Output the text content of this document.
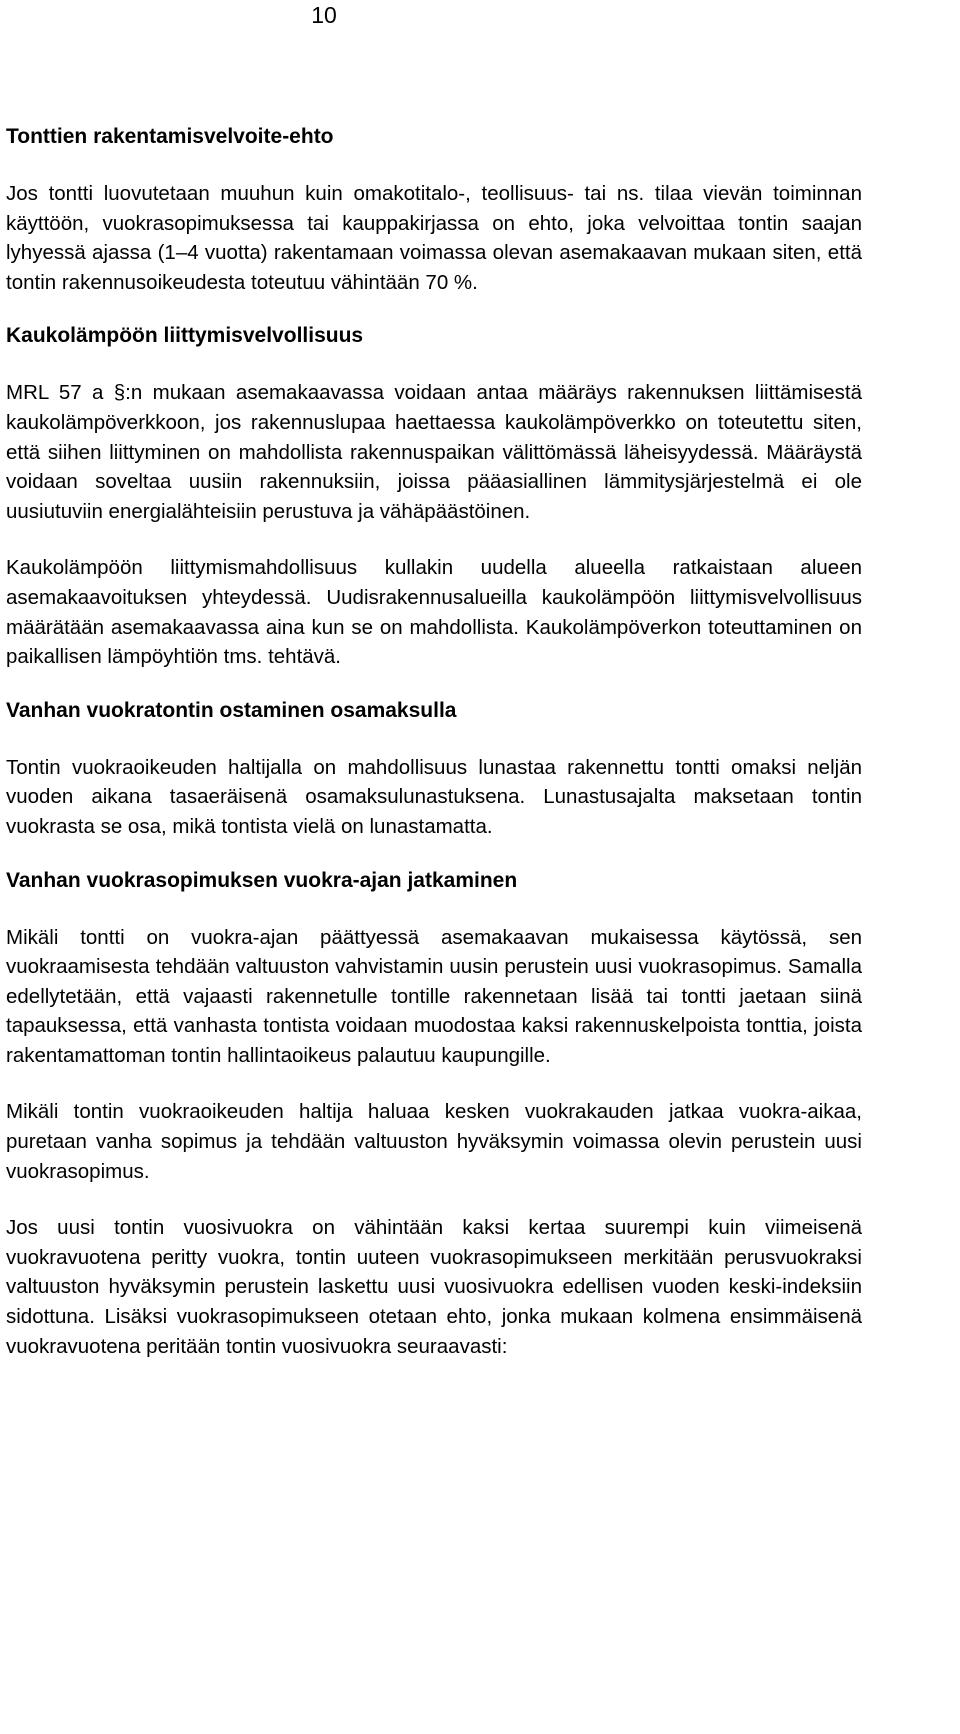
10
Tonttien rakentamisvelvoite-ehto

Jos tontti luovutetaan muuhun kuin omakotitalo-, teollisuus- tai ns. tilaa vievän toiminnan käyttöön, vuokrasopimuksessa tai kauppakirjassa on ehto, joka velvoittaa tontin saajan lyhyessä ajassa (1–4 vuotta) rakentamaan voimassa olevan asemakaavan mukaan siten, että tontin rakennusoikeudesta toteutuu vähintään 70 %.

Kaukolämpöön liittymisvelvollisuus

MRL 57 a §:n mukaan asemakaavassa voidaan antaa määräys rakennuksen liittämisestä kaukolämpöverkkoon, jos rakennuslupaa haettaessa kaukolämpöverkko on toteutettu siten, että siihen liittyminen on mahdollista rakennuspaikan välittömässä läheisyydessä. Määräystä voidaan soveltaa uusiin rakennuksiin, joissa pääasiallinen lämmitysjärjestelmä ei ole uusiutuviin energialähteisiin perustuva ja vähäpäästöinen.

Kaukolämpöön liittymismahdollisuus kullakin uudella alueella ratkaistaan alueen asemakaavoituksen yhteydessä. Uudisrakennusalueilla kaukolämpöön liittymisvelvollisuus määrätään asemakaavassa aina kun se on mahdollista. Kaukolämpöverkon toteuttaminen on paikallisen lämpöyhtiön tms. tehtävä.

Vanhan vuokratontin ostaminen osamaksulla

Tontin vuokraoikeuden haltijalla on mahdollisuus lunastaa rakennettu tontti omaksi neljän vuoden aikana tasaeräisenä osamaksulunastuksena. Lunastusajalta maksetaan tontin vuokrasta se osa, mikä tontista vielä on lunastamatta.

Vanhan vuokrasopimuksen vuokra-ajan jatkaminen

Mikäli tontti on vuokra-ajan päättyessä asemakaavan mukaisessa käytössä, sen vuokraamisesta tehdään valtuuston vahvistamin uusin perustein uusi vuokrasopimus. Samalla edellytetään, että vajaasti rakennetulle tontille rakennetaan lisää tai tontti jaetaan siinä tapauksessa, että vanhasta tontista voidaan muodostaa kaksi rakennuskelpoista tonttia, joista rakentamattoman tontin hallintaoikeus palautuu kaupungille.

Mikäli tontin vuokraoikeuden haltija haluaa kesken vuokrakauden jatkaa vuokra-aikaa, puretaan vanha sopimus ja tehdään valtuuston hyväksymin voimassa olevin perustein uusi vuokrasopimus.

Jos uusi tontin vuosivuokra on vähintään kaksi kertaa suurempi kuin viimeisenä vuokravuotena peritty vuokra, tontin uuteen vuokrasopimukseen merkitään perusvuokraksi valtuuston hyväksymin perustein laskettu uusi vuosivuokra edellisen vuoden keski-indeksiin sidottuna. Lisäksi vuokrasopimukseen otetaan ehto, jonka mukaan kolmena ensimmäisenä vuokravuotena peritään tontin vuosivuokra seuraavasti:
